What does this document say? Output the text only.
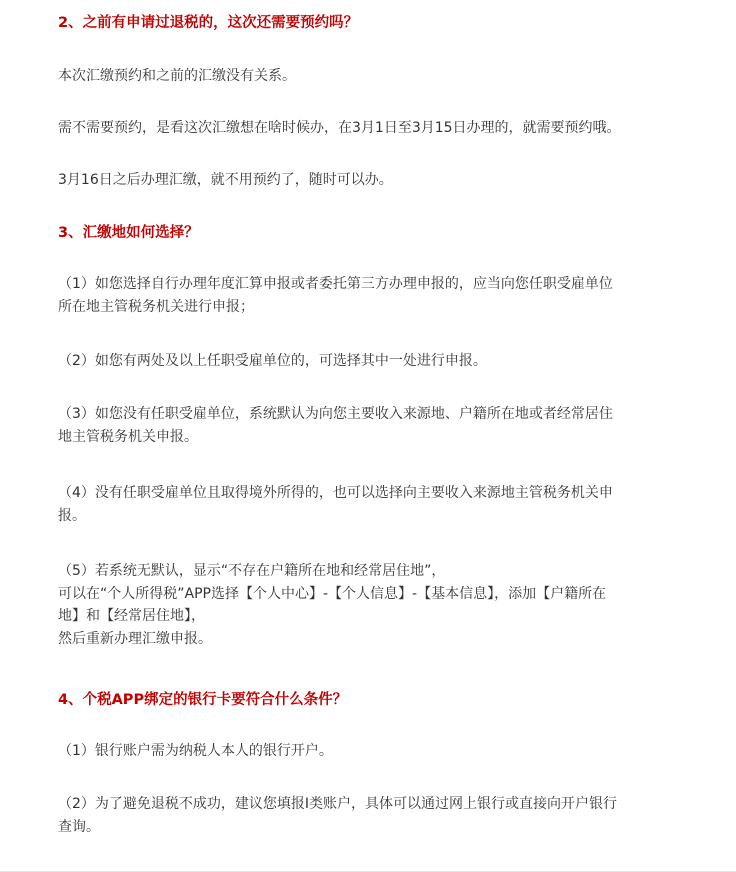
2、之前有申请过退税的，这次还需要预约吗？

本次汇缴预约和之前的汇缴没有关系。

需不需要预约，是看这次汇缴想在啥时候办，在3月1日至3月15日办理的，就需要预约哦。

3月16日之后办理汇缴，就不用预约了，随时可以办。

3、汇缴地如何选择？

（1）如您选择自行办理年度汇算申报或者委托第三方办理申报的，应当向您任职受雇单位
所在地主管税务机关进行申报；

（2）如您有两处及以上任职受雇单位的，可选择其中一处进行申报。

（3）如您没有任职受雇单位，系统默认为向您主要收入来源地、户籍所在地或者经常居住
地主管税务机关申报。

（4）没有任职受雇单位且取得境外所得的，也可以选择向主要收入来源地主管税务机关申
报。

（5）若系统无默认，显示“不存在户籍所在地和经常居住地”，
可以在“个人所得税”APP选择【个人中心】-【个人信息】-【基本信息】，添加【户籍所在
地】和【经常居住地】，
然后重新办理汇缴申报。

4、个税APP绑定的银行卡要符合什么条件？

（1）银行账户需为纳税人本人的银行开户。

（2）为了避免退税不成功，建议您填报I类账户，具体可以通过网上银行或直接向开户银行
查询。
